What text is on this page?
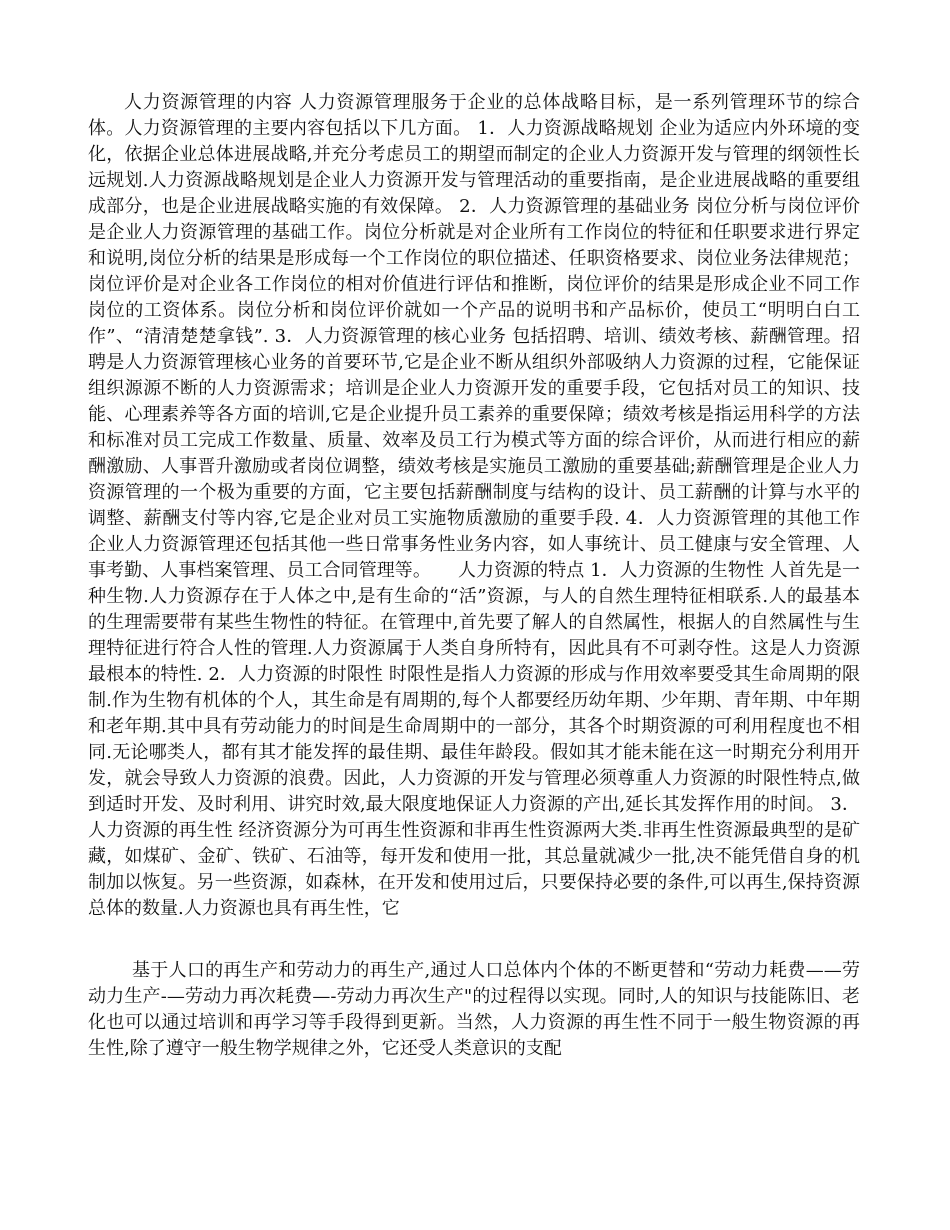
人力资源管理的内容 人力资源管理服务于企业的总体战略目标，是一系列管理环节的综合体。人力资源管理的主要内容包括以下几方面。 1．人力资源战略规划 企业为适应内外环境的变化，依据企业总体进展战略,并充分考虑员工的期望而制定的企业人力资源开发与管理的纲领性长远规划.人力资源战略规划是企业人力资源开发与管理活动的重要指南，是企业进展战略的重要组成部分，也是企业进展战略实施的有效保障。 2．人力资源管理的基础业务 岗位分析与岗位评价是企业人力资源管理的基础工作。岗位分析就是对企业所有工作岗位的特征和任职要求进行界定和说明,岗位分析的结果是形成每一个工作岗位的职位描述、任职资格要求、岗位业务法律规范；岗位评价是对企业各工作岗位的相对价值进行评估和推断，岗位评价的结果是形成企业不同工作岗位的工资体系。岗位分析和岗位评价就如一个产品的说明书和产品标价，使员工“明明白白工作”、“清清楚楚拿钱”. 3．人力资源管理的核心业务 包括招聘、培训、绩效考核、薪酬管理。招聘是人力资源管理核心业务的首要环节,它是企业不断从组织外部吸纳人力资源的过程，它能保证组织源源不断的人力资源需求；培训是企业人力资源开发的重要手段，它包括对员工的知识、技能、心理素养等各方面的培训,它是企业提升员工素养的重要保障；绩效考核是指运用科学的方法和标准对员工完成工作数量、质量、效率及员工行为模式等方面的综合评价，从而进行相应的薪酬激励、人事晋升激励或者岗位调整，绩效考核是实施员工激励的重要基础;薪酬管理是企业人力资源管理的一个极为重要的方面，它主要包括薪酬制度与结构的设计、员工薪酬的计算与水平的调整、薪酬支付等内容,它是企业对员工实施物质激励的重要手段. 4．人力资源管理的其他工作 企业人力资源管理还包括其他一些日常事务性业务内容，如人事统计、员工健康与安全管理、人事考勤、人事档案管理、员工合同管理等。　　人力资源的特点 1．人力资源的生物性 人首先是一种生物.人力资源存在于人体之中,是有生命的“活”资源，与人的自然生理特征相联系.人的最基本的生理需要带有某些生物性的特征。在管理中,首先要了解人的自然属性，根据人的自然属性与生理特征进行符合人性的管理.人力资源属于人类自身所特有，因此具有不可剥夺性。这是人力资源最根本的特性. 2．人力资源的时限性 时限性是指人力资源的形成与作用效率要受其生命周期的限制.作为生物有机体的个人，其生命是有周期的,每个人都要经历幼年期、少年期、青年期、中年期和老年期.其中具有劳动能力的时间是生命周期中的一部分，其各个时期资源的可利用程度也不相同.无论哪类人，都有其才能发挥的最佳期、最佳年龄段。假如其才能未能在这一时期充分利用开发，就会导致人力资源的浪费。因此，人力资源的开发与管理必须尊重人力资源的时限性特点,做到适时开发、及时利用、讲究时效,最大限度地保证人力资源的产出,延长其发挥作用的时间。 3．人力资源的再生性 经济资源分为可再生性资源和非再生性资源两大类.非再生性资源最典型的是矿藏，如煤矿、金矿、铁矿、石油等，每开发和使用一批，其总量就减少一批,决不能凭借自身的机制加以恢复。另一些资源，如森林，在开发和使用过后，只要保持必要的条件,可以再生,保持资源总体的数量.人力资源也具有再生性，它

基于人口的再生产和劳动力的再生产,通过人口总体内个体的不断更替和“劳动力耗费——劳动力生产-—劳动力再次耗费—-劳动力再次生产"的过程得以实现。同时,人的知识与技能陈旧、老化也可以通过培训和再学习等手段得到更新。当然，人力资源的再生性不同于一般生物资源的再生性,除了遵守一般生物学规律之外，它还受人类意识的支配
